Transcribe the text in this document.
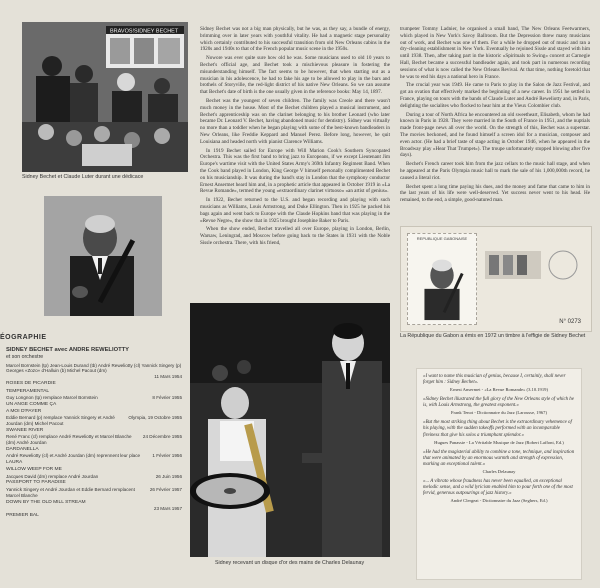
BRAVOS! SIDNEY BECHET
Sidney Bechet et Claude Luter durant une dédicace
REPUBLIQUE GABONAISE
N° 0273
La République du Gabon a émis en 1972 un timbre à l'effigie de Sidney Bechet
Sidney recevant un disque d'or des mains de Charles Delaunay

Sidney Bechet was not a big man physically, but he was, as they say, a bundle of energy, brimming over in later years with youthful vitality. He had a magnetic stage personality which certainly contributed to his successful transition from old New Orleans cabins in the 1920s and 1940s to that of the French popular music scene in the 1950s.

Nowore was ever quite sure how old he was. Some musicians used to old 10 years to Bechet's official age, and Bechet took a mischievous pleasure in fostering the misunderstanding himself. The fact seems to be however, that when starting out as a musician in his adolescence, he had to fake his age to be allowed to play in the bars and brothels of Storyville, the red-light district of his native New Orleans. So we can assume that Bechet's date of birth is the one usually given in the reference books: May 14, 1897.

Bechet was the youngest of seven children. The family was Creole and there wasn't much money in the house. Most of the Bechet children played a musical instrument, and Bechet's apprenticeship was on the clarinet belonging to his brother Leonard (who later became Dr. Leonard V. Bechet, having abandoned music for dentistry). Sidney was virtually no more than a toddler when he began playing with some of the best-known bandleaders in New Orleans, like Freddie Keppard and Manuel Perez. Before long, however, he quit Louisiana and headed north with pianist Clarence Williams.

In 1919 Bechet sailed for Europe with Will Marion Cook's Southern Syncopated Orchestra. This was the first band to bring jazz to Europeans, if we except Lieutenant Jim Europe's wartime visit with the United States Army's 369th Infantry Regiment Band. When the Cook band played in London, King George V himself personally complimented Bechet on his musicianship. It was during the band's stay in London that the symphony conductor Ernest Ansermet heard him and, in a prophetic article that appeared in October 1919 in «La Revue Romande», termed the young «extraordinary clarinet virtuoso» «an artist of genius».

In 1922, Bechet returned to the U.S. and began recording and playing with such musicians as Williams, Louis Armstrong, and Duke Ellington. Then in 1925 he packed his bags again and went back to Europe with the Claude Hopkins band that was playing in the «Revue Negre», the show that in 1925 brought Josephine Baker to Paris.

When the show ended, Bechet travelled all over Europe, playing in London, Berlin, Warsaw, Leningrad, and Moscow before going back to the States in 1931 with the Noble Sissle orchestra. There, with his friend,

trumpeter Tommy Ladnier, he organised a small band, The New Orleans Feetwarmers, which played in New York's Savoy Ballroom. But the Depression threw many musicians out of work, and Bechet was one of them. For a while he dropped out of music and ran a dry-cleaning establishment in New York. Eventually he rejoined Sissle and stayed with him until 1938. Then, after taking part in the historic «Spirituals to Swing» concert at Carnegie Hall, Bechet became a successful bandleader again, and took part in numerous recording sessions of what is now called the New Orleans Revival. At that time, nothing foretold that he was to end his days a national hero in France.

The crucial year was 1949. He came to Paris to play in the Salon de Jazz Festival, and got an ovation that effectively marked the beginning of a new career. In 1951 he settled in France, playing on tours with the bands of Claude Luter and André Reweliotty and, in Paris, delighting the socialites who flocked to hear him at the Vieux Colombier club.

During a tour of North Africa he encountered an old sweetheart, Elisabeth, whom he had known in Paris in 1928. They were married in the South of France in 1951, and the nuptials made front-page news all over the world. On the strength of this, Bechet was a superstar. The movies beckoned, and he found himself a screen idol for a musician, composer and even actor. (He had a brief taste of stage acting in October 1946, when he appeared in the Broadway play «Hear That Trumpet»). The troupe unfortunately stopped blowing after five days).

Bechet's French career took him from the jazz cellars to the music hall stage, and when he appeared at the Paris Olympia music hall to mark the sale of his 1,000,000th record, he caused a literal riot.

Bechet spent a long time paying his dues, and the money and fame that came to him in the last years of his life were well-deserved. Yet success never went to his head. He remained, to the end, a simple, good-natured man.

ÉOGRAPHIE
SIDNEY BECHET avec ANDRE REWELIOTTY
et son orchestre
Marcel Bornstein (tp) Jean-Louis Durand (tb) André Reweliotty (cl) Yannick Singery (p) Georges «Zozo» d'Halluin (b) Michel Pacout (dm)
11 Mars 1954
ROSES DE PICARDIE
TEMPERAMENTAL
Guy Longnon (tp) remplace Marcel Bornstein	8 Février 1955
UN ANGE COMME ÇA
A MOI D'PAYER
Eddie Bernard (p) remplace Yannick Singery et André Jourdan (dm) Michel Pacout
Olympia, 19 Octobre 1955
SWANEE RIVER
René Franc (cl) remplace André Reweliotty et Marcel Blanche (dm) André Jourdan
24 Décembre 1955
DARDANELLA
André Reweliotty (cl) et André Jourdan (dm) reprennent leur place	1 Février 1956
LAURA
WILLOW WEEP FOR ME
Jacques David (dm) remplace André Jourdan	26 Juin 1956
PASSPORT TO PARADISE
Yannick Singery et André Jourdan et Eddie Bernard remplacent Marcel Blanche
26 Février 1957
DOWN BY THE OLD MILL STREAM
23 Mars 1957
PREMIER BAL
«I want to name this musician of genius, because I, certainly, shall never forget him : Sidney Bechet».
Ernest Ansermet - «La Revue Romande» (3.10.1919)
«Sidney Bechet illustrated the full glory of the New Orleans style of which he is, with Louis Armstrong, the greatest exponent.»
Frank Tenot - Dictionnaire du Jazz (Larousse, 1967)
«But the most striking thing about Bechet is the extraordinary vehemence of his playing, with the sudden takeoffs performed with an incomparable fireiness that give his solos a triumphant splendor.»
Hugues Panassie - La Véritable Musique de Jazz (Robert Laffont, Ed.)
«He had the magisterial ability to combine a tone, technique, and inspiration that were animated by an enormous warmth and strength of expression, marking an exceptional talent.»
Charles Delaunay
«... A vibrato whose fraudness has never been equalled, an exceptional melodic sense, and a wild lyricism enabled him to pour forth one of the most fervid, generous outpourings of jazz history.»
André Clergeat - Dictionnaire du Jazz (Seghers, Ed.)
